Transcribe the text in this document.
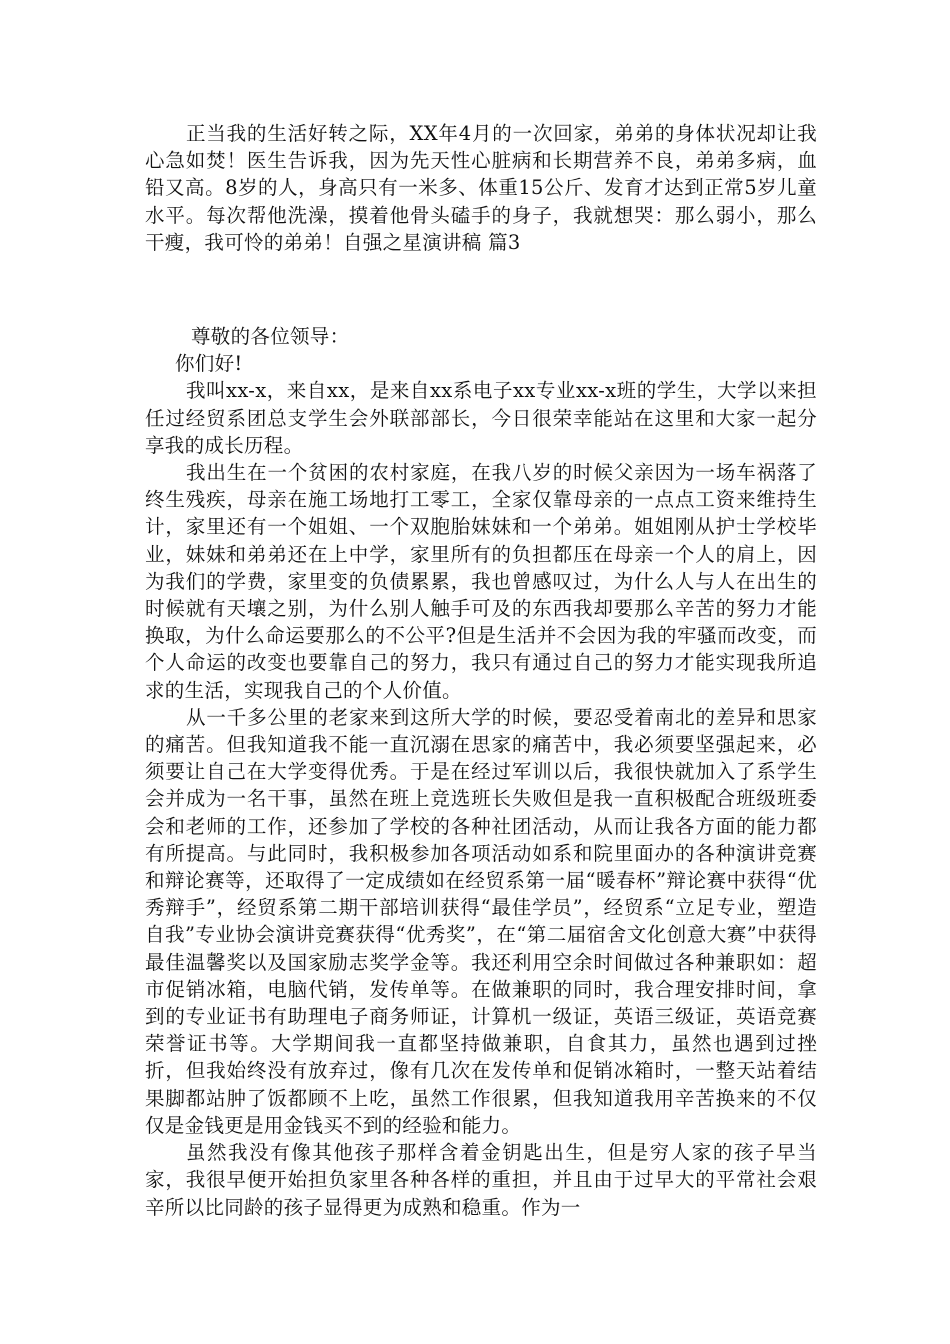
正当我的生活好转之际，XX年4月的一次回家，弟弟的身体状况却让我心急如焚！医生告诉我，因为先天性心脏病和长期营养不良，弟弟多病，血铅又高。8岁的人，身高只有一米多、体重15公斤、发育才达到正常5岁儿童水平。每次帮他洗澡，摸着他骨头磕手的身子，我就想哭：那么弱小，那么干瘦，我可怜的弟弟！自强之星演讲稿 篇3

尊敬的各位领导：

你们好!

我叫xx-x，来自xx，是来自xx系电子xx专业xx-x班的学生，大学以来担任过经贸系团总支学生会外联部部长，今日很荣幸能站在这里和大家一起分享我的成长历程。

我出生在一个贫困的农村家庭，在我八岁的时候父亲因为一场车祸落了终生残疾，母亲在施工场地打工零工，全家仅靠母亲的一点点工资来维持生计，家里还有一个姐姐、一个双胞胎妹妹和一个弟弟。姐姐刚从护士学校毕业，妹妹和弟弟还在上中学，家里所有的负担都压在母亲一个人的肩上，因为我们的学费，家里变的负债累累，我也曾感叹过，为什么人与人在出生的时候就有天壤之别，为什么别人触手可及的东西我却要那么辛苦的努力才能换取，为什么命运要那么的不公平?但是生活并不会因为我的牢骚而改变，而个人命运的改变也要靠自己的努力，我只有通过自己的努力才能实现我所追求的生活，实现我自己的个人价值。

从一千多公里的老家来到这所大学的时候，要忍受着南北的差异和思家的痛苦。但我知道我不能一直沉溺在思家的痛苦中，我必须要坚强起来，必须要让自己在大学变得优秀。于是在经过军训以后，我很快就加入了系学生会并成为一名干事，虽然在班上竞选班长失败但是我一直积极配合班级班委会和老师的工作，还参加了学校的各种社团活动，从而让我各方面的能力都有所提高。与此同时，我积极参加各项活动如系和院里面办的各种演讲竞赛和辩论赛等，还取得了一定成绩如在经贸系第一届“暖春杯”辩论赛中获得“优秀辩手”，经贸系第二期干部培训获得“最佳学员”，经贸系“立足专业，塑造自我”专业协会演讲竞赛获得“优秀奖”，在“第二届宿舍文化创意大赛”中获得最佳温馨奖以及国家励志奖学金等。我还利用空余时间做过各种兼职如：超市促销冰箱，电脑代销，发传单等。在做兼职的同时，我合理安排时间，拿到的专业证书有助理电子商务师证，计算机一级证，英语三级证，英语竞赛荣誉证书等。大学期间我一直都坚持做兼职，自食其力，虽然也遇到过挫折，但我始终没有放弃过，像有几次在发传单和促销冰箱时，一整天站着结果脚都站肿了饭都顾不上吃，虽然工作很累，但我知道我用辛苦换来的不仅仅是金钱更是用金钱买不到的经验和能力。

虽然我没有像其他孩子那样含着金钥匙出生，但是穷人家的孩子早当家，我很早便开始担负家里各种各样的重担，并且由于过早大的平常社会艰辛所以比同龄的孩子显得更为成熟和稳重。作为一
